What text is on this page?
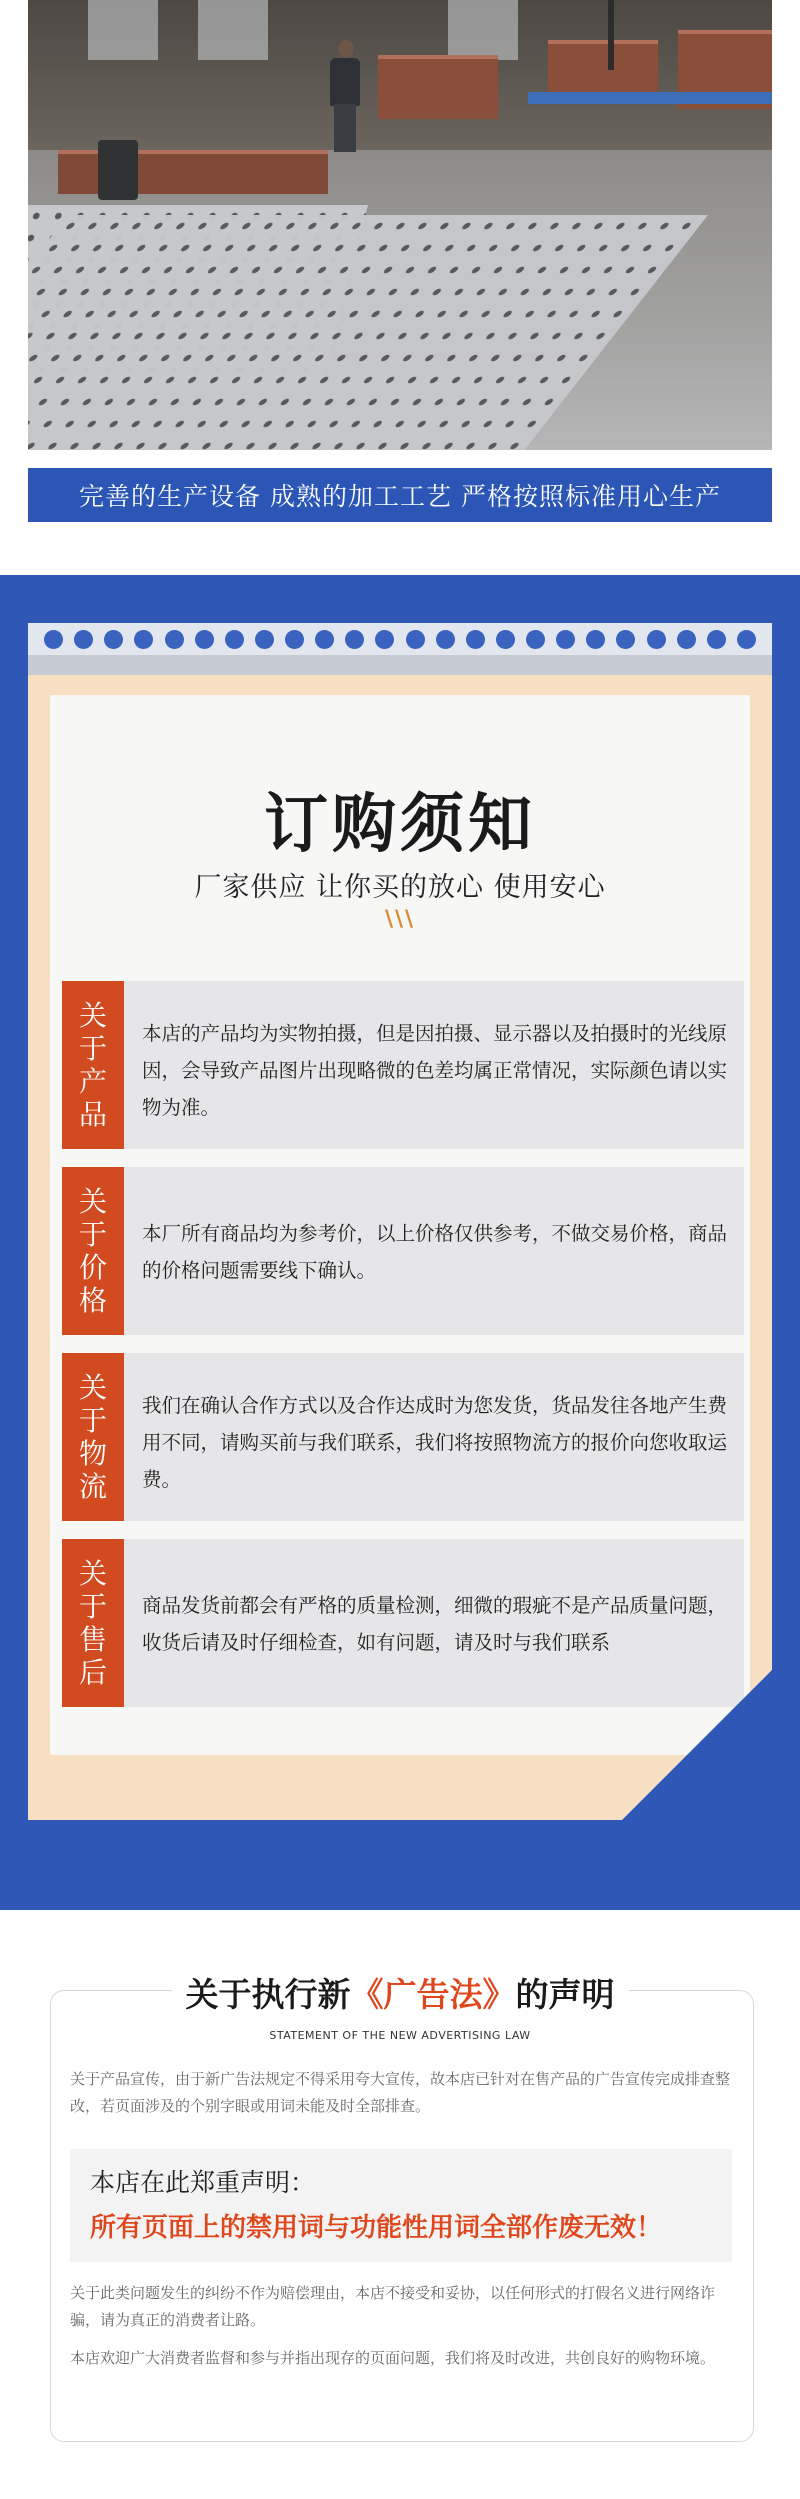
完善的生产设备 成熟的加工工艺 严格按照标准用心生产
订购须知
厂家供应 让你买的放心 使用安心
\\\
关于产品
本店的产品均为实物拍摄，但是因拍摄、显示器以及拍摄时的光线原因，会导致产品图片出现略微的色差均属正常情况，实际颜色请以实物为准。
关于价格
本厂所有商品均为参考价，以上价格仅供参考，不做交易价格，商品的价格问题需要线下确认。
关于物流
我们在确认合作方式以及合作达成时为您发货，货品发往各地产生费用不同，请购买前与我们联系，我们将按照物流方的报价向您收取运费。
关于售后
商品发货前都会有严格的质量检测，细微的瑕疵不是产品质量问题，收货后请及时仔细检查，如有问题，请及时与我们联系
关于执行新《广告法》的声明
STATEMENT OF THE NEW ADVERTISING LAW
关于产品宣传，由于新广告法规定不得采用夸大宣传，故本店已针对在售产品的广告宣传完成排查整改，若页面涉及的个别字眼或用词未能及时全部排查。
本店在此郑重声明：
所有页面上的禁用词与功能性用词全部作废无效！
关于此类问题发生的纠纷不作为赔偿理由，本店不接受和妥协，以任何形式的打假名义进行网络诈骗，请为真正的消费者让路。
本店欢迎广大消费者监督和参与并指出现存的页面问题，我们将及时改进，共创良好的购物环境。
